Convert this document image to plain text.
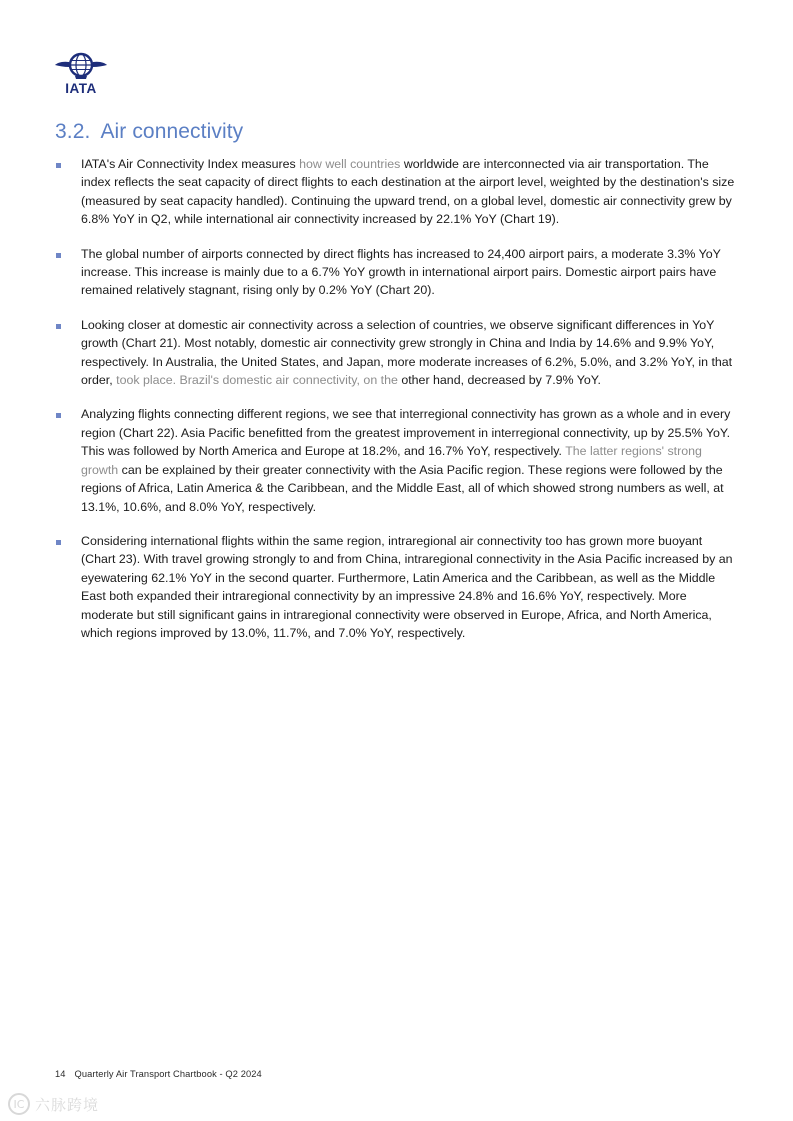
IATA
3.2. Air connectivity
IATA's Air Connectivity Index measures how well countries worldwide are interconnected via air transportation. The index reflects the seat capacity of direct flights to each destination at the airport level, weighted by the destination's size (measured by seat capacity handled). Continuing the upward trend, on a global level, domestic air connectivity grew by 6.8% YoY in Q2, while international air connectivity increased by 22.1% YoY (Chart 19).
The global number of airports connected by direct flights has increased to 24,400 airport pairs, a moderate 3.3% YoY increase. This increase is mainly due to a 6.7% YoY growth in international airport pairs. Domestic airport pairs have remained relatively stagnant, rising only by 0.2% YoY (Chart 20).
Looking closer at domestic air connectivity across a selection of countries, we observe significant differences in YoY growth (Chart 21). Most notably, domestic air connectivity grew strongly in China and India by 14.6% and 9.9% YoY, respectively. In Australia, the United States, and Japan, more moderate increases of 6.2%, 5.0%, and 3.2% YoY, in that order, took place. Brazil's domestic air connectivity, on the other hand, decreased by 7.9% YoY.
Analyzing flights connecting different regions, we see that interregional connectivity has grown as a whole and in every region (Chart 22). Asia Pacific benefitted from the greatest improvement in interregional connectivity, up by 25.5% YoY. This was followed by North America and Europe at 18.2%, and 16.7% YoY, respectively. The latter regions' strong growth can be explained by their greater connectivity with the Asia Pacific region. These regions were followed by the regions of Africa, Latin America & the Caribbean, and the Middle East, all of which showed strong numbers as well, at 13.1%, 10.6%, and 8.0% YoY, respectively.
Considering international flights within the same region, intraregional air connectivity too has grown more buoyant (Chart 23). With travel growing strongly to and from China, intraregional connectivity in the Asia Pacific increased by an eyewatering 62.1% YoY in the second quarter. Furthermore, Latin America and the Caribbean, as well as the Middle East both expanded their intraregional connectivity by an impressive 24.8% and 16.6% YoY, respectively. More moderate but still significant gains in intraregional connectivity were observed in Europe, Africa, and North America, which regions improved by 13.0%, 11.7%, and 7.0% YoY, respectively.
14 Quarterly Air Transport Chartbook - Q2 2024
IC 六脉跨境
